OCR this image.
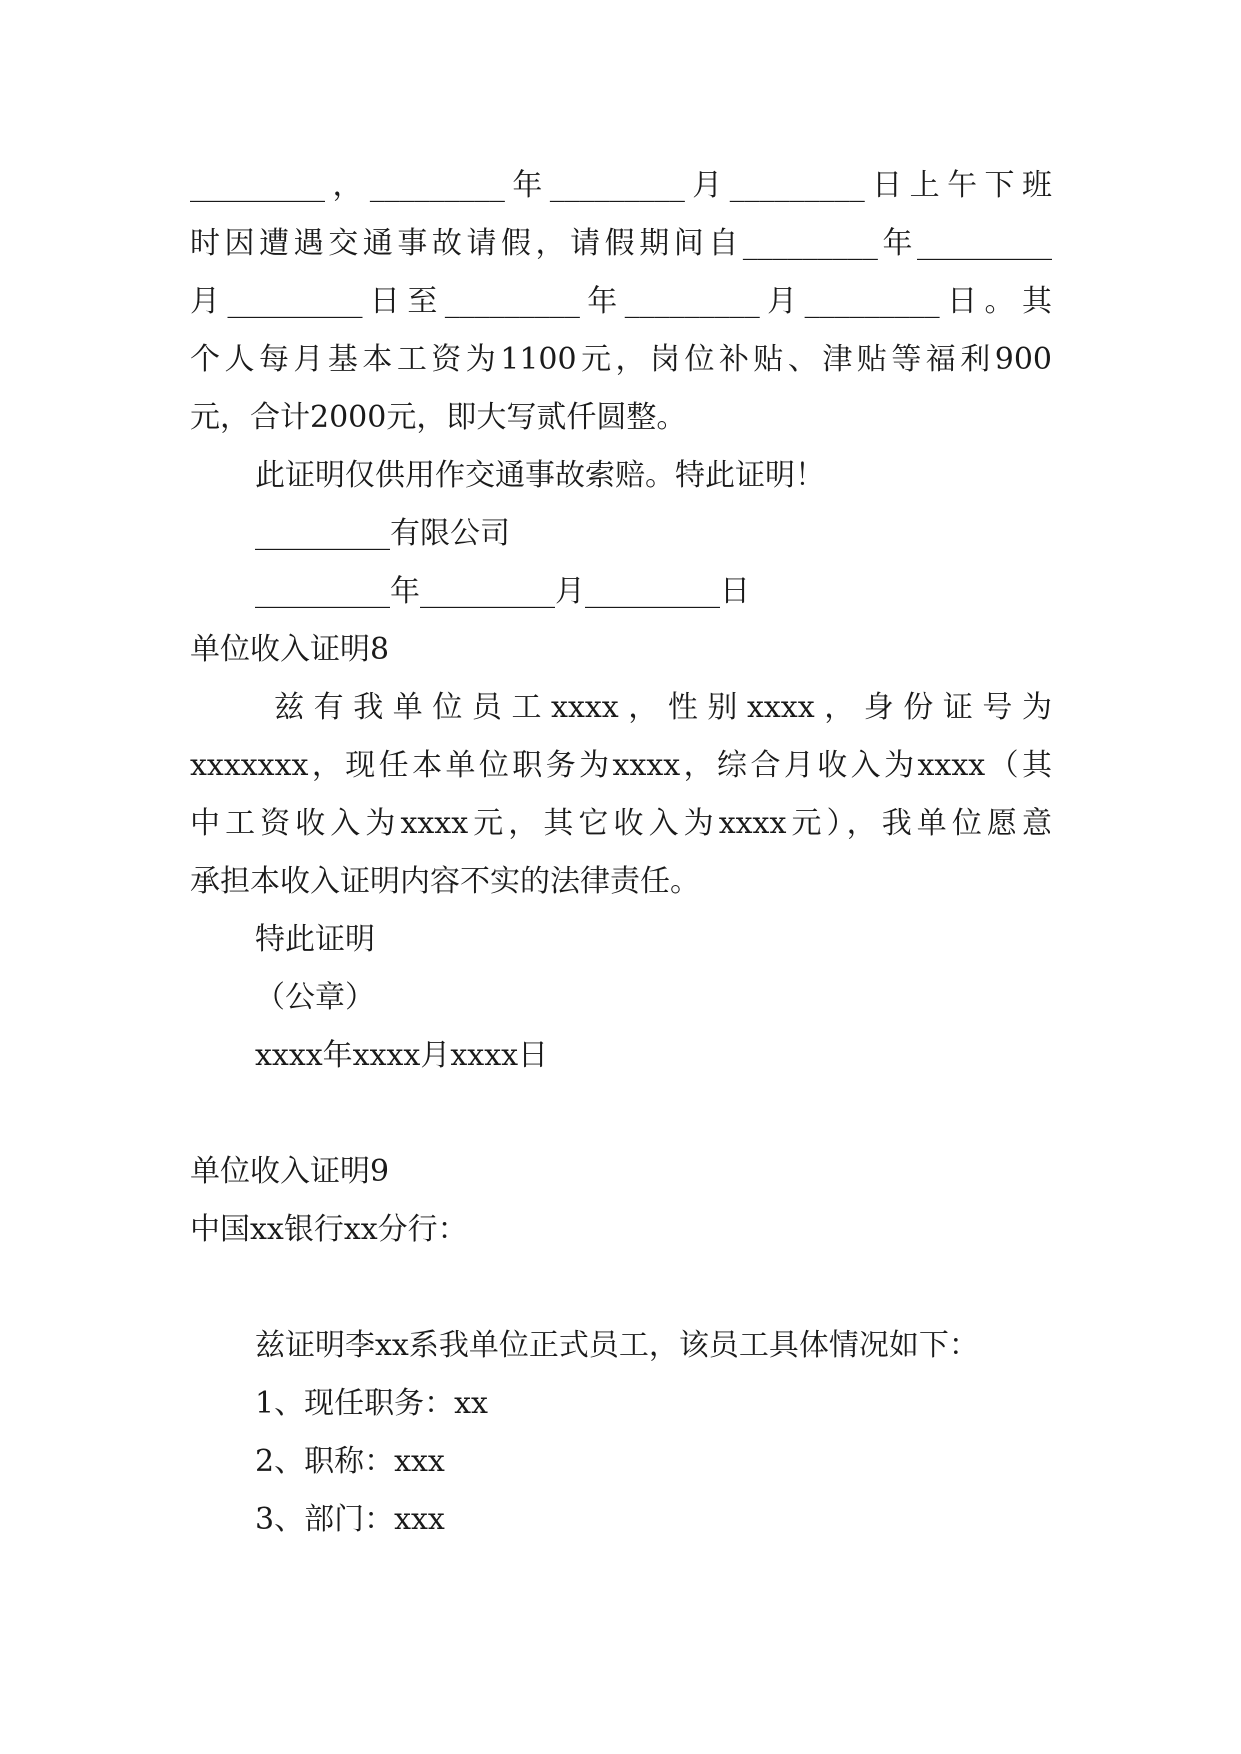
_________，_________年_________月_________日上午下班
时因遭遇交通事故请假，请假期间自_________年_________
月_________日至_________年_________月_________日。其
个人每月基本工资为1100元，岗位补贴、津贴等福利900
元，合计2000元，即大写贰仟圆整。
此证明仅供用作交通事故索赔。特此证明！
_________有限公司
_________年_________月_________日
单位收入证明8
兹有我单位员工xxxx，性别xxxx，身份证号为
xxxxxxx，现任本单位职务为xxxx，综合月收入为xxxx（其
中工资收入为xxxx元，其它收入为xxxx元），我单位愿意
承担本收入证明内容不实的法律责任。
特此证明
（公章）
xxxx年xxxx月xxxx日
单位收入证明9
中国xx银行xx分行：
兹证明李xx系我单位正式员工，该员工具体情况如下：
1、现任职务：xx
2、职称：xxx
3、部门：xxx
